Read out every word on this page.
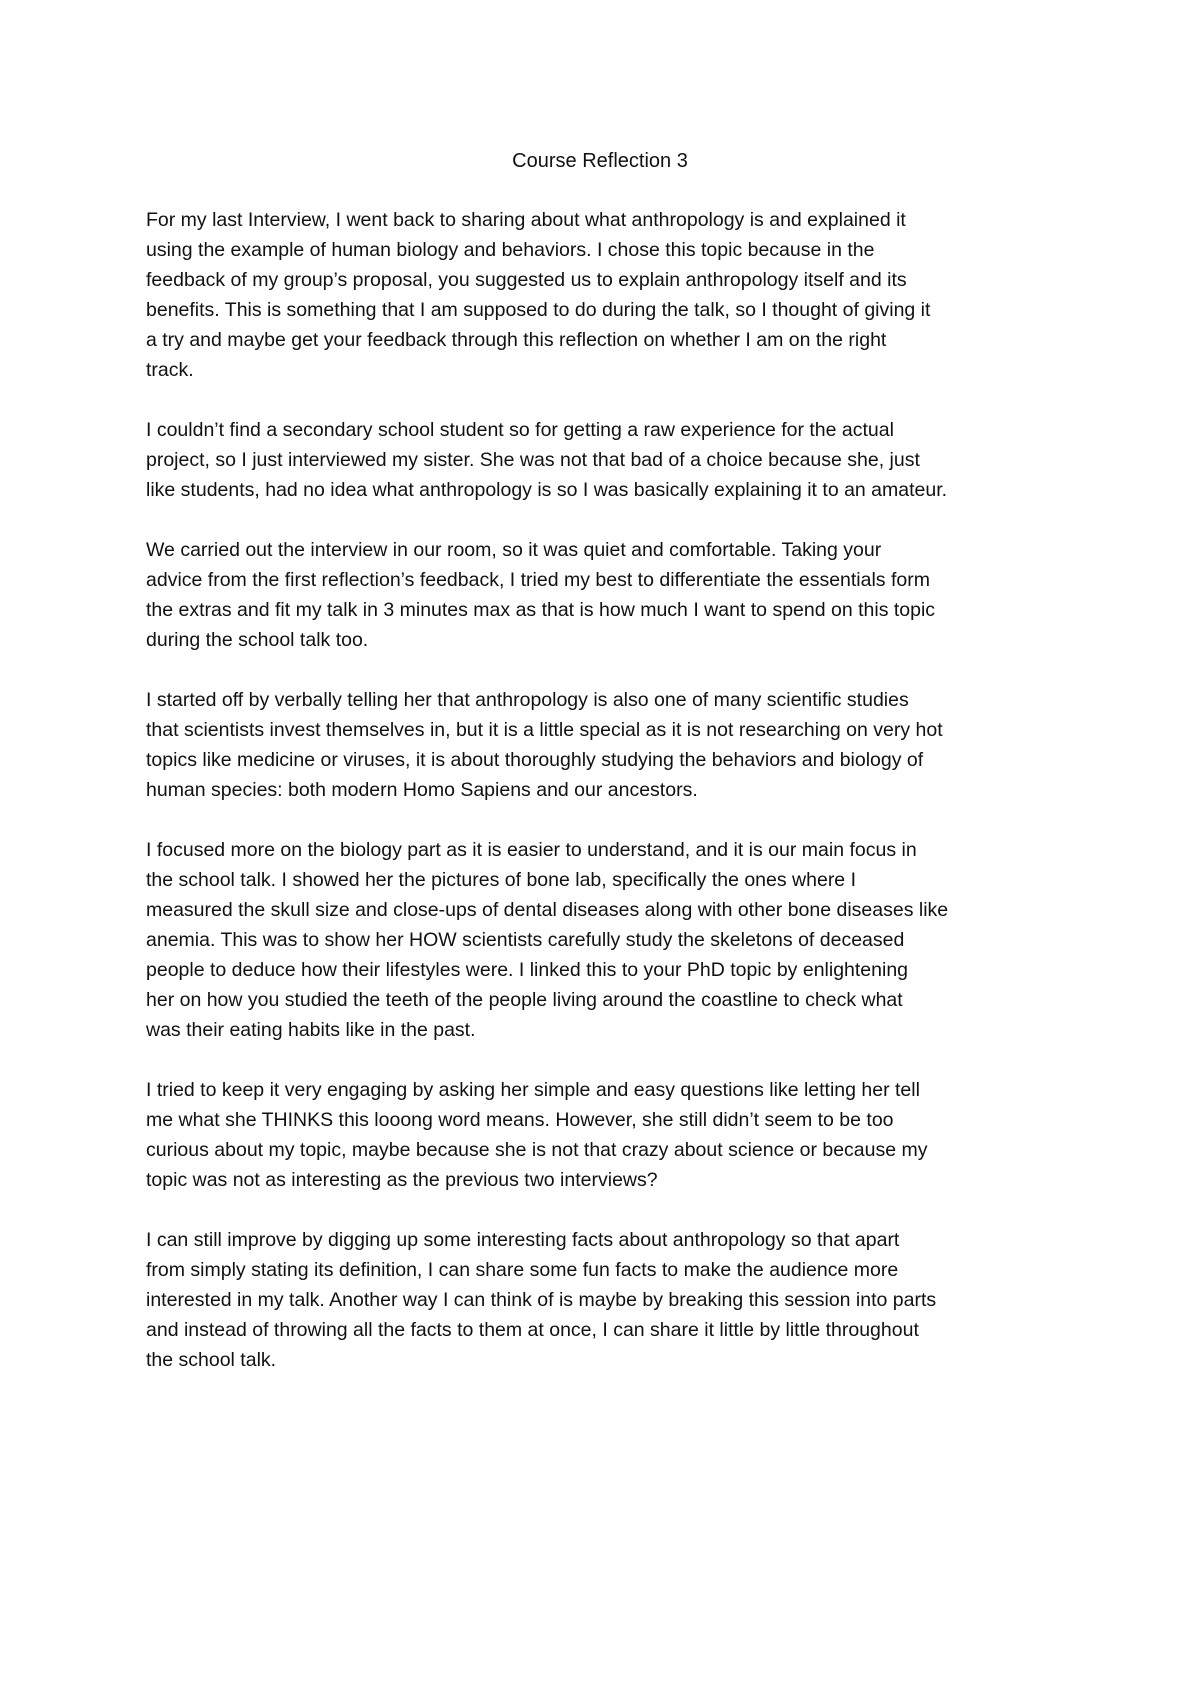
Course Reflection 3

For my last Interview, I went back to sharing about what anthropology is and explained it
using the example of human biology and behaviors. I chose this topic because in the
feedback of my group’s proposal, you suggested us to explain anthropology itself and its
benefits. This is something that I am supposed to do during the talk, so I thought of giving it
a try and maybe get your feedback through this reflection on whether I am on the right
track.

I couldn’t find a secondary school student so for getting a raw experience for the actual
project, so I just interviewed my sister. She was not that bad of a choice because she, just
like students, had no idea what anthropology is so I was basically explaining it to an amateur.

We carried out the interview in our room, so it was quiet and comfortable. Taking your
advice from the first reflection’s feedback, I tried my best to differentiate the essentials form
the extras and fit my talk in 3 minutes max as that is how much I want to spend on this topic
during the school talk too.

I started off by verbally telling her that anthropology is also one of many scientific studies
that scientists invest themselves in, but it is a little special as it is not researching on very hot
topics like medicine or viruses, it is about thoroughly studying the behaviors and biology of
human species: both modern Homo Sapiens and our ancestors.

I focused more on the biology part as it is easier to understand, and it is our main focus in
the school talk. I showed her the pictures of bone lab, specifically the ones where I
measured the skull size and close-ups of dental diseases along with other bone diseases like
anemia. This was to show her HOW scientists carefully study the skeletons of deceased
people to deduce how their lifestyles were. I linked this to your PhD topic by enlightening
her on how you studied the teeth of the people living around the coastline to check what
was their eating habits like in the past.

I tried to keep it very engaging by asking her simple and easy questions like letting her tell
me what she THINKS this looong word means. However, she still didn’t seem to be too
curious about my topic, maybe because she is not that crazy about science or because my
topic was not as interesting as the previous two interviews?

I can still improve by digging up some interesting facts about anthropology so that apart
from simply stating its definition, I can share some fun facts to make the audience more
interested in my talk. Another way I can think of is maybe by breaking this session into parts
and instead of throwing all the facts to them at once, I can share it little by little throughout
the school talk.
